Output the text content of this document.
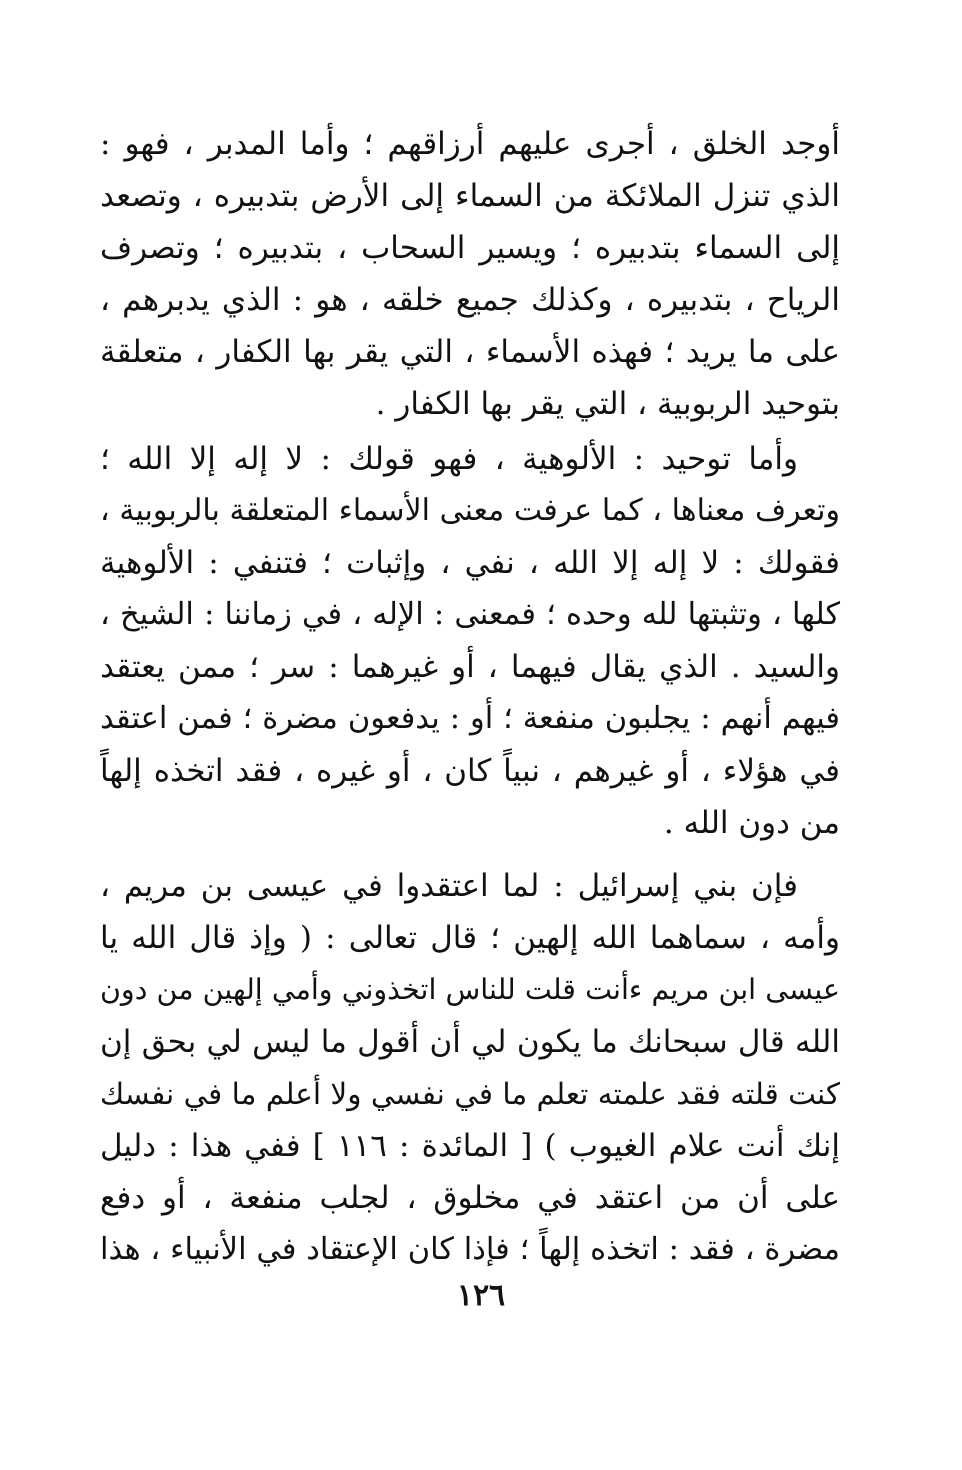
أوجد الخلق ، أجرى عليهم أرزاقهم ؛ وأما المدبر ، فهو :
الذي تنزل الملائكة من السماء إلى الأرض بتدبيره ، وتصعد
إلى السماء بتدبيره ؛ ويسير السحاب ، بتدبيره ؛ وتصرف
الرياح ، بتدبيره ، وكذلك جميع خلقه ، هو : الذي يدبرهم ،
على ما يريد ؛ فهذه الأسماء ، التي يقر بها الكفار ، متعلقة
بتوحيد الربوبية ، التي يقر بها الكفار .
وأما توحيد : الألوهية ، فهو قولك : لا إله إلا الله ؛
وتعرف معناها ، كما عرفت معنى الأسماء المتعلقة بالربوبية ،
فقولك : لا إله إلا الله ، نفي ، وإثبات ؛ فتنفي : الألوهية
كلها ، وتثبتها لله وحده ؛ فمعنى : الإله ، في زماننا : الشيخ ،
والسيد . الذي يقال فيهما ، أو غيرهما : سر ؛ ممن يعتقد
فيهم أنهم : يجلبون منفعة ؛ أو : يدفعون مضرة ؛ فمن اعتقد
في هؤلاء ، أو غيرهم ، نبياً كان ، أو غيره ، فقد اتخذه إلهاً
من دون الله .
فإن بني إسرائيل : لما اعتقدوا في عيسى بن مريم ،
وأمه ، سماهما الله إلهين ؛ قال تعالى : ( وإذ قال الله يا
عيسى ابن مريم ءأنت قلت للناس اتخذوني وأمي إلهين من دون
الله قال سبحانك ما يكون لي أن أقول ما ليس لي بحق إن
كنت قلته فقد علمته تعلم ما في نفسي ولا أعلم ما في نفسك
إنك أنت علام الغيوب ) [ المائدة : ١١٦ ] ففي هذا : دليل
على أن من اعتقد في مخلوق ، لجلب منفعة ، أو دفع
مضرة ، فقد : اتخذه إلهاً ؛ فإذا كان الإعتقاد في الأنبياء ، هذا
١٢٦
